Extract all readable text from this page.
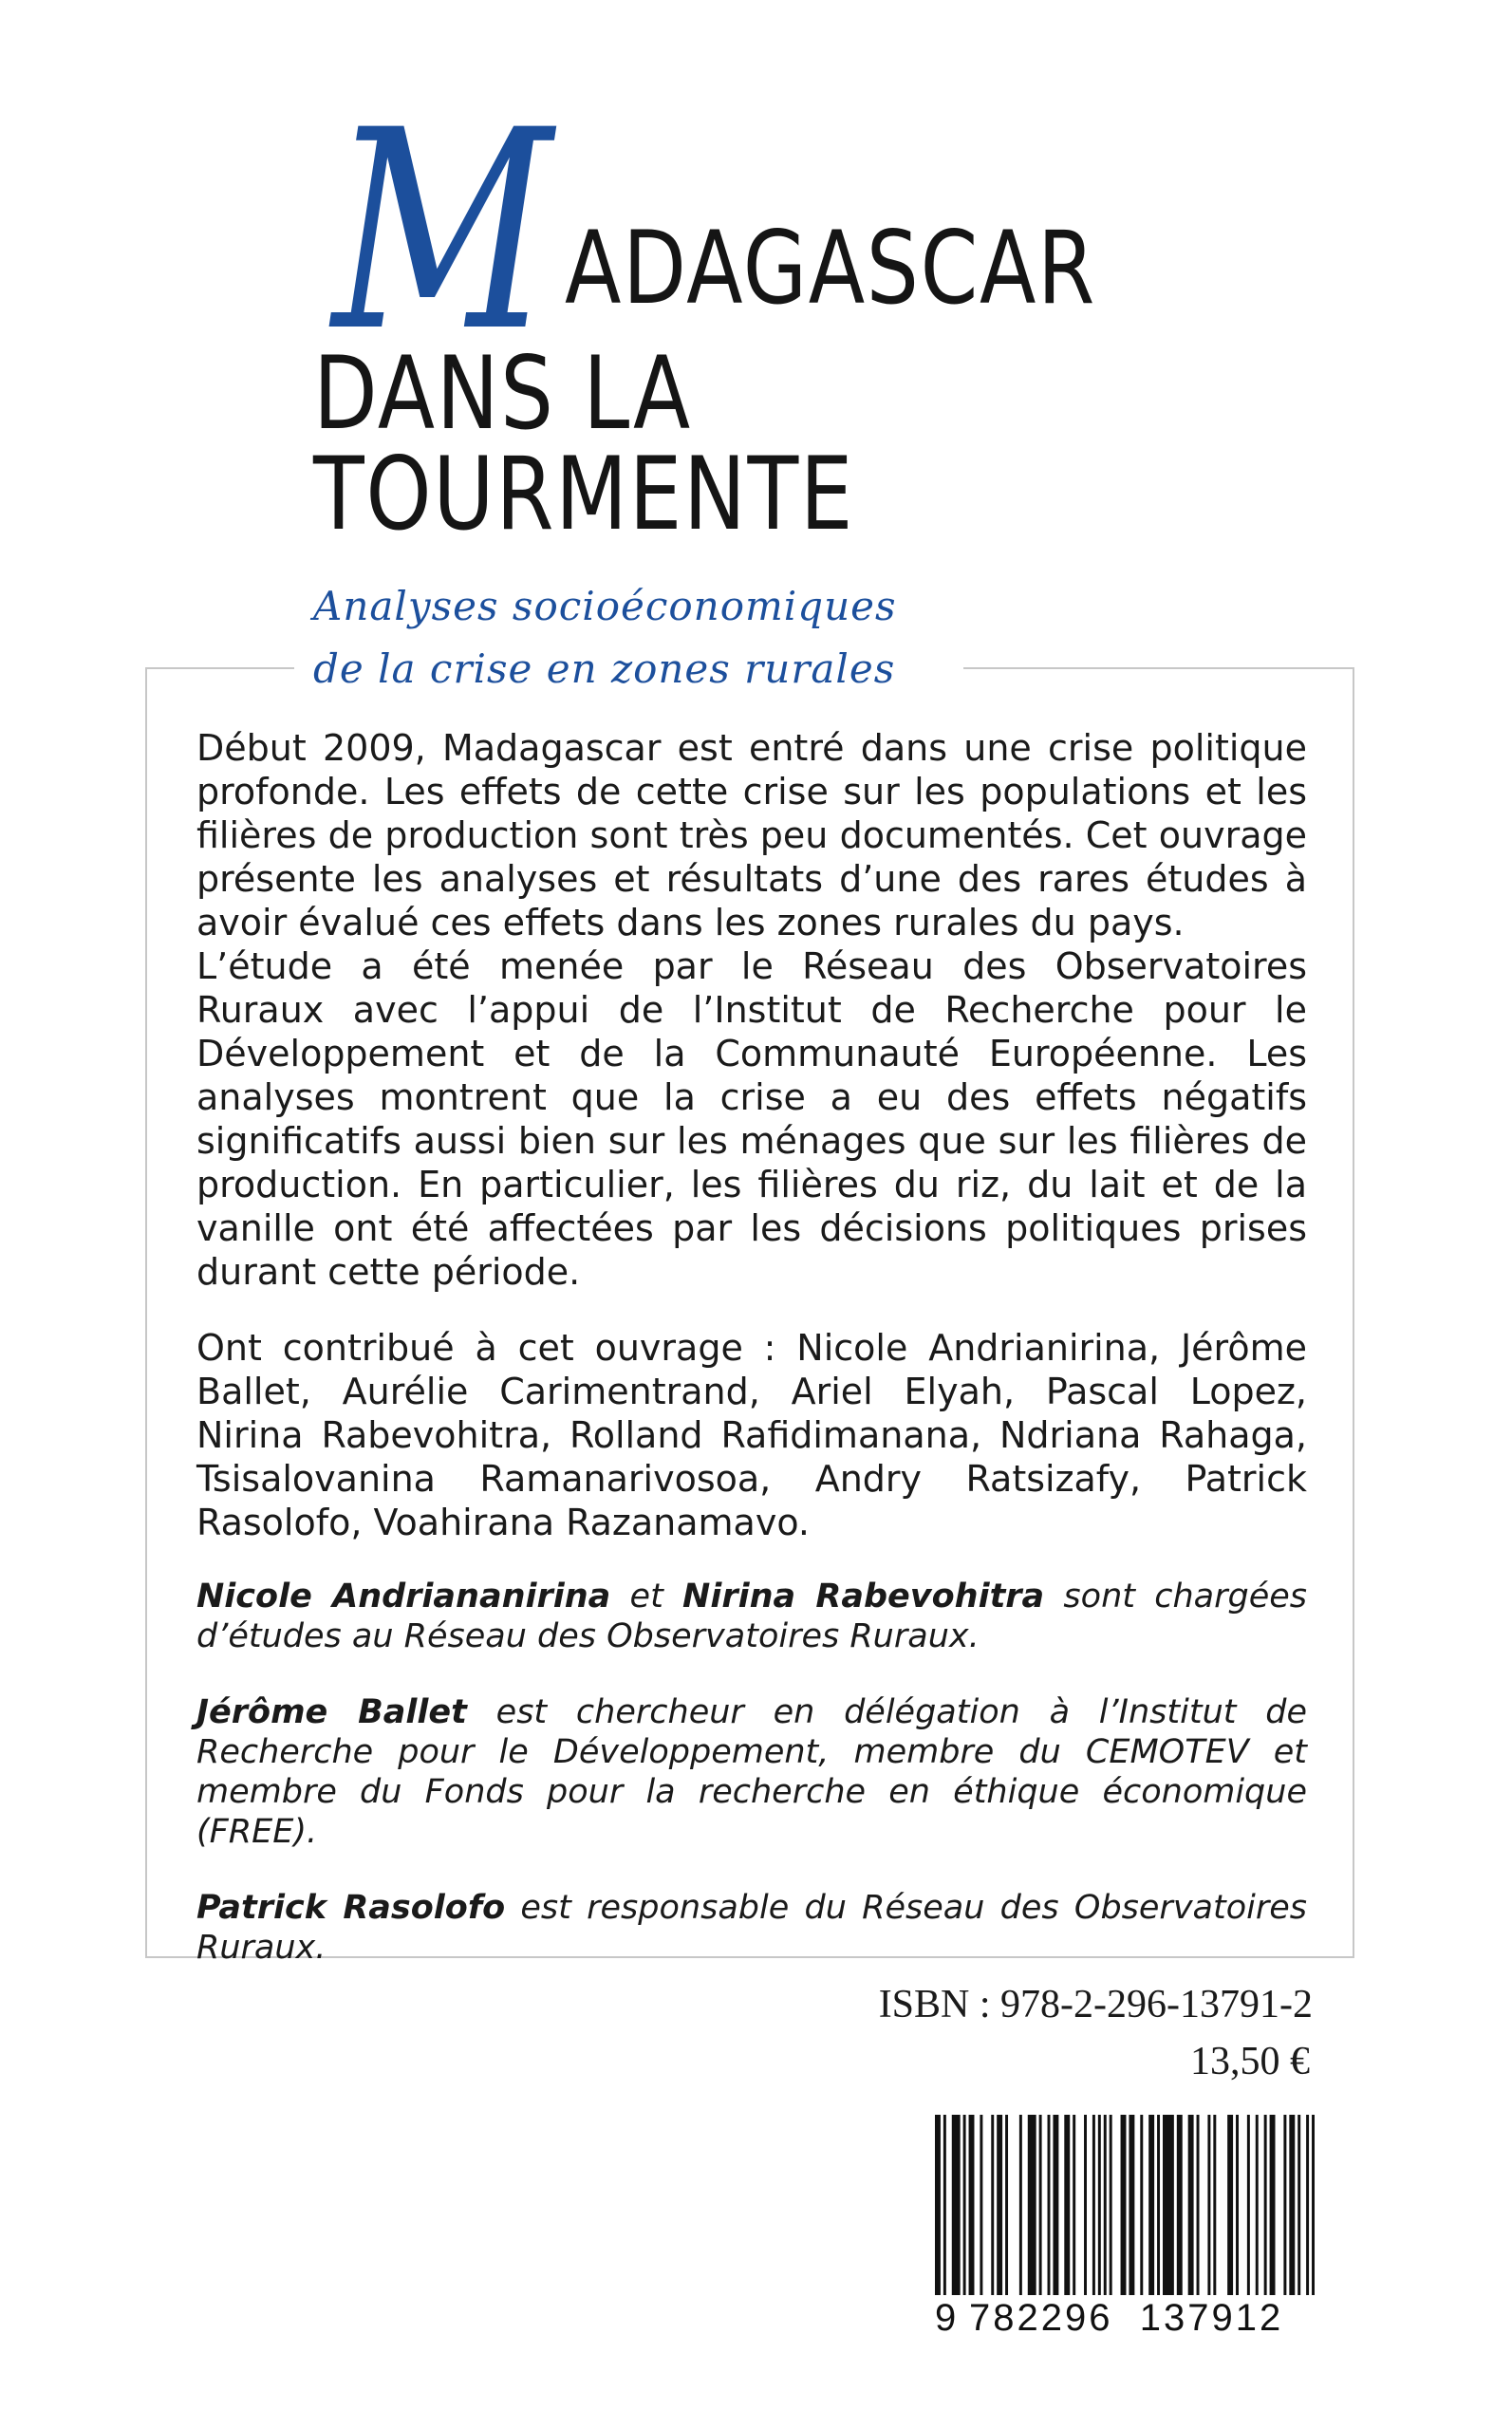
M ADAGASCAR
DANS LA TOURMENTE
Analyses socioéconomiques
de la crise en zones rurales

Début 2009, Madagascar est entré dans une crise politique profonde. Les effets de cette crise sur les populations et les filières de production sont très peu documentés. Cet ouvrage présente les analyses et résultats d’une des rares études à avoir évalué ces effets dans les zones rurales du pays.

L’étude a été menée par le Réseau des Observatoires Ruraux avec l’appui de l’Institut de Recherche pour le Développement et de la Communauté Européenne. Les analyses montrent que la crise a eu des effets négatifs significatifs aussi bien sur les ménages que sur les filières de production. En particulier, les filières du riz, du lait et de la vanille ont été affectées par les décisions politiques prises durant cette période.

Ont contribué à cet ouvrage : Nicole Andrianirina, Jérôme Ballet, Aurélie Carimentrand, Ariel Elyah, Pascal Lopez, Nirina Rabevohitra, Rolland Rafidimanana, Ndriana Rahaga, Tsisalovanina Ramanarivosoa, Andry Ratsizafy, Patrick Rasolofo, Voahirana Razanamavo.

Nicole Andriananirina et Nirina Rabevohitra sont chargées d’études au Réseau des Observatoires Ruraux.

Jérôme Ballet est chercheur en délégation à l’Institut de Recherche pour le Développement, membre du CEMOTEV et membre du Fonds pour la recherche en éthique économique (FREE).

Patrick Rasolofo est responsable du Réseau des Observatoires Ruraux.

ISBN : 978-2-296-13791-2
13,50 €
9 782296 137912
